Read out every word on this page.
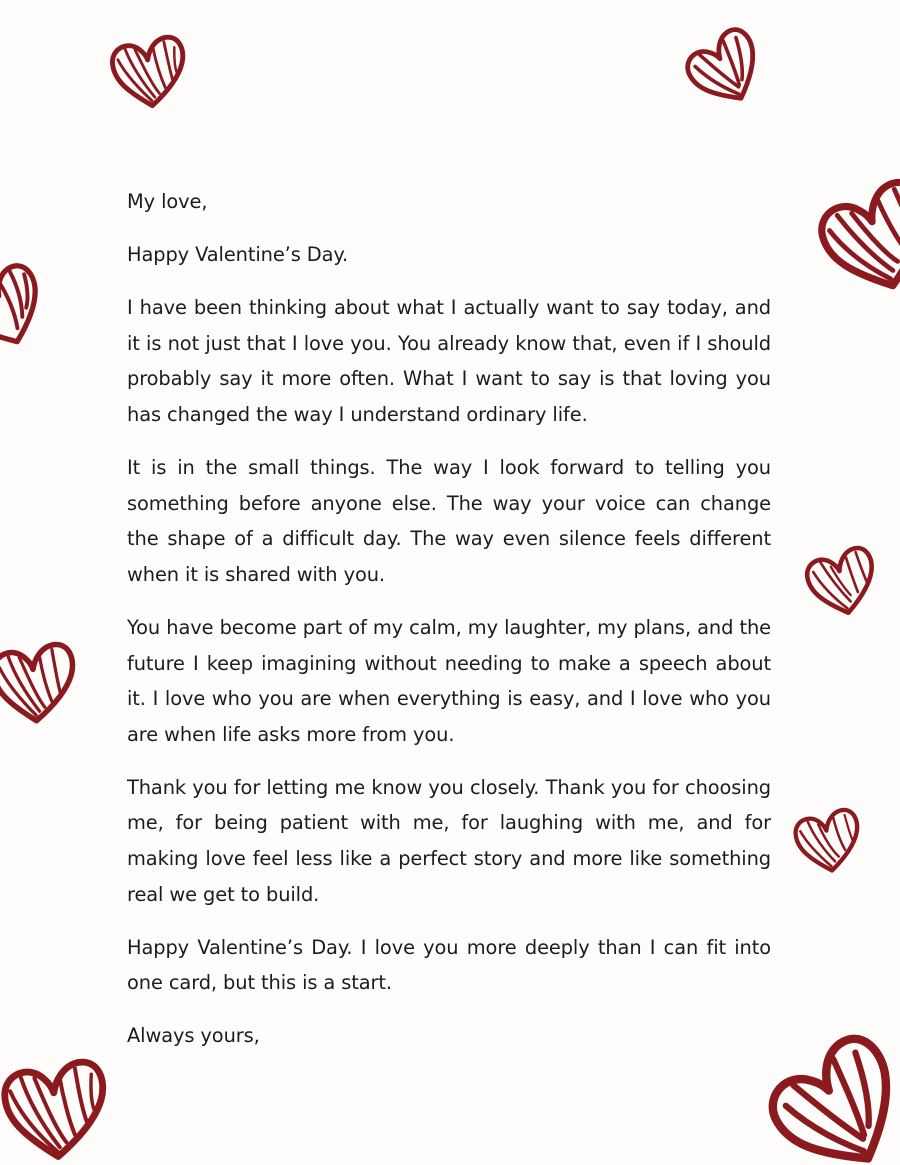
My love,

Happy Valentine’s Day.

I have been thinking about what I actually want to say today, and it is not just that I love you. You already know that, even if I should probably say it more often. What I want to say is that loving you has changed the way I understand ordinary life.

It is in the small things. The way I look forward to telling you something before anyone else. The way your voice can change the shape of a difficult day. The way even silence feels different when it is shared with you.

You have become part of my calm, my laughter, my plans, and the future I keep imagining without needing to make a speech about it. I love who you are when everything is easy, and I love who you are when life asks more from you.

Thank you for letting me know you closely. Thank you for choosing me, for being patient with me, for laughing with me, and for making love feel less like a perfect story and more like something real we get to build.

Happy Valentine’s Day. I love you more deeply than I can fit into one card, but this is a start.

Always yours,
